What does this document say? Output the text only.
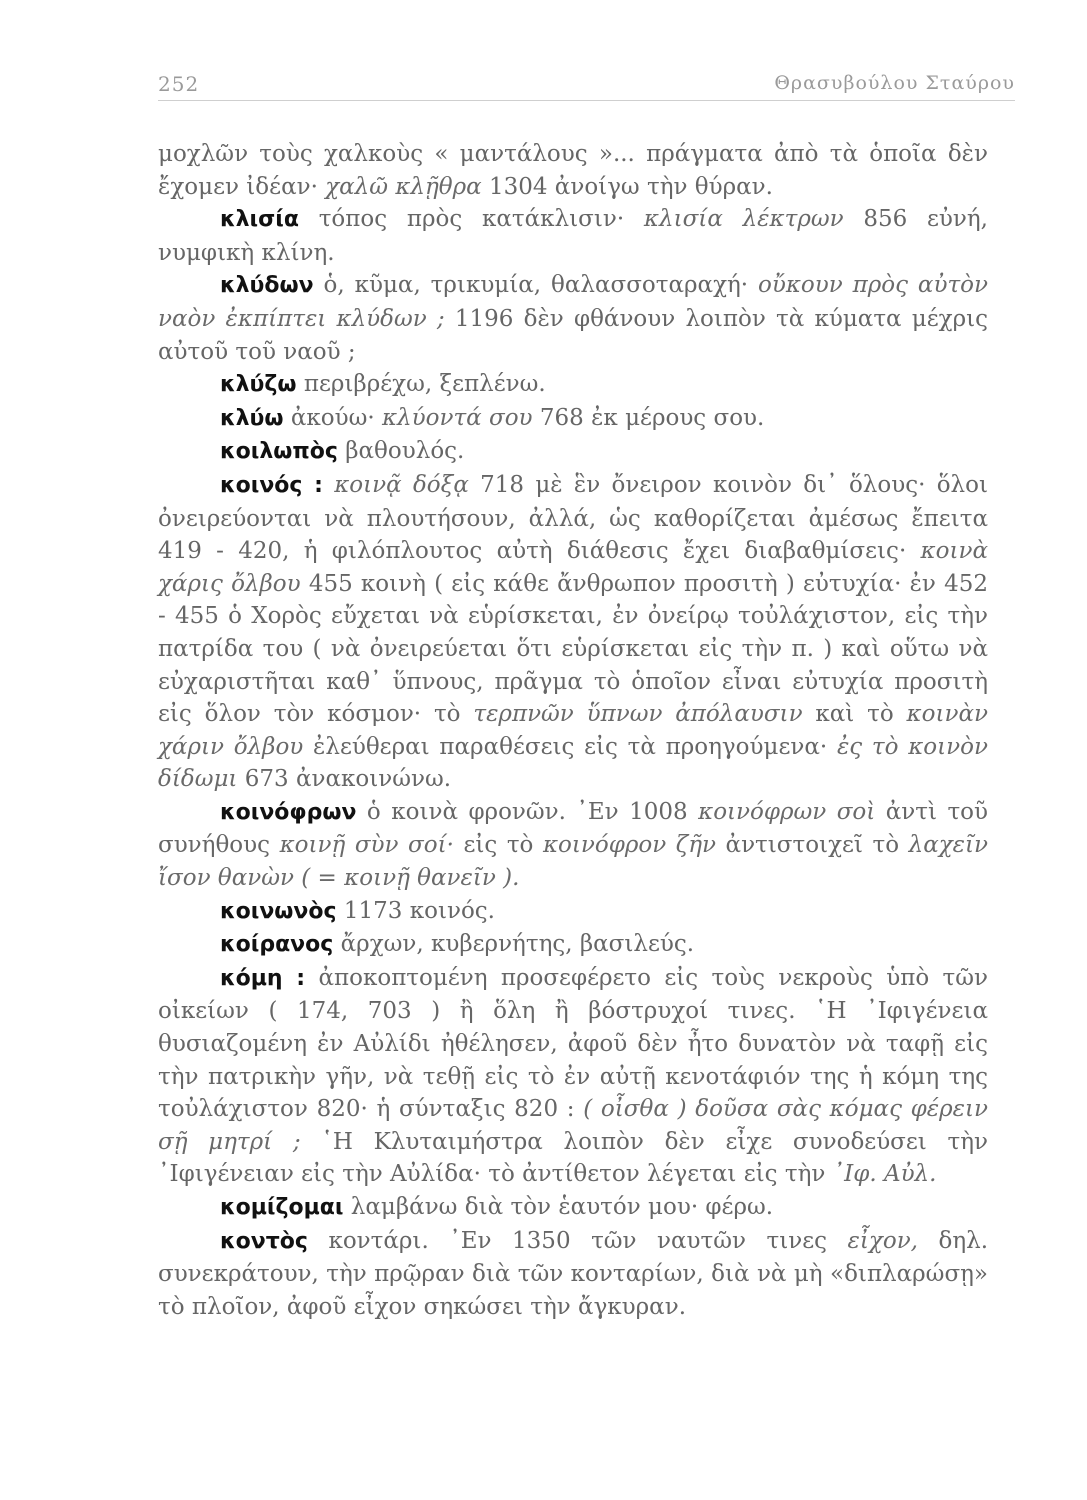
252	Θρασυβούλου Σταύρου

μοχλῶν τοὺς χαλκοὺς « μαντάλους »... πράγματα ἀπὸ τὰ ὁποῖα δὲν ἔχομεν ἰδέαν· χαλῶ κλῇθρα 1304 ἀνοίγω τὴν θύραν.

κλισία τόπος πρὸς κατάκλισιν· κλισία λέκτρων 856 εὐνή, νυμφικὴ κλίνη.

κλύδων ὁ, κῦμα, τρικυμία, θαλασσοταραχή· οὔκουν πρὸς αὐτὸν ναὸν ἐκπίπτει κλύδων ; 1196 δὲν φθάνουν λοιπὸν τὰ κύματα μέχρις αὐτοῦ τοῦ ναοῦ ;

κλύζω περιβρέχω, ξεπλένω.

κλύω ἀκούω· κλύοντά σου 768 ἐκ μέρους σου.

κοιλωπὸς βαθουλός.

κοινός : κοινᾷ δόξᾳ 718 μὲ ἓν ὄνειρον κοινὸν δι᾽ ὅλους· ὅλοι ὀνειρεύονται νὰ πλουτήσουν, ἀλλά, ὡς καθορίζεται ἀμέσως ἔπειτα 419 - 420, ἡ φιλόπλουτος αὐτὴ διάθεσις ἔχει διαβαθμίσεις· κοινὰ χάρις ὄλβου 455 κοινὴ ( εἰς κάθε ἄνθρωπον προσιτὴ ) εὐτυχία· ἐν 452 - 455 ὁ Χορὸς εὔχεται νὰ εὑρίσκεται, ἐν ὀνείρῳ τοὐλάχιστον, εἰς τὴν πατρίδα του ( νὰ ὀνειρεύεται ὅτι εὑρίσκεται εἰς τὴν π. ) καὶ οὕτω νὰ εὐχαριστῆται καθ᾽ ὕπνους, πρᾶγμα τὸ ὁποῖον εἶναι εὐτυχία προσιτὴ εἰς ὅλον τὸν κόσμον· τὸ τερπνῶν ὕπνων ἀπόλαυσιν καὶ τὸ κοινὰν χάριν ὄλβου ἐλεύθεραι παραθέσεις εἰς τὰ προηγούμενα· ἐς τὸ κοινὸν δίδωμι 673 ἀνακοινώνω.

κοινόφρων ὁ κοινὰ φρονῶν. ᾽Εν 1008 κοινόφρων σοὶ ἀντὶ τοῦ συνήθους κοινῇ σὺν σοί· εἰς τὸ κοινόφρον ζῆν ἀντιστοιχεῖ τὸ λαχεῖν ἴσον θανὼν ( = κοινῇ θανεῖν ).

κοινωνὸς 1173 κοινός.

κοίρανος ἄρχων, κυβερνήτης, βασιλεύς.

κόμη : ἀποκοπτομένη προσεφέρετο εἰς τοὺς νεκροὺς ὑπὸ τῶν οἰκείων ( 174, 703 ) ἢ ὅλη ἢ βόστρυχοί τινες. ῾Η ᾽Ιφιγένεια θυσιαζομένη ἐν Αὐλίδι ἠθέλησεν, ἀφοῦ δὲν ἦτο δυνατὸν νὰ ταφῇ εἰς τὴν πατρικὴν γῆν, νὰ τεθῇ εἰς τὸ ἐν αὐτῇ κενοτάφιόν της ἡ κόμη της τοὐλάχιστον 820· ἡ σύνταξις 820 : ( οἶσθα ) δοῦσα σὰς κόμας φέρειν σῇ μητρί ; ῾Η Κλυταιμήστρα λοιπὸν δὲν εἶχε συνοδεύσει τὴν ᾽Ιφιγένειαν εἰς τὴν Αὐλίδα· τὸ ἀντίθετον λέγεται εἰς τὴν ᾽Ιφ. Αὐλ.

κομίζομαι λαμβάνω διὰ τὸν ἑαυτόν μου· φέρω.

κοντὸς κοντάρι. ᾽Εν 1350 τῶν ναυτῶν τινες εἶχον, δηλ. συνεκράτουν, τὴν πρῷραν διὰ τῶν κονταρίων, διὰ νὰ μὴ «διπλαρώσῃ» τὸ πλοῖον, ἀφοῦ εἶχον σηκώσει τὴν ἄγκυραν.
